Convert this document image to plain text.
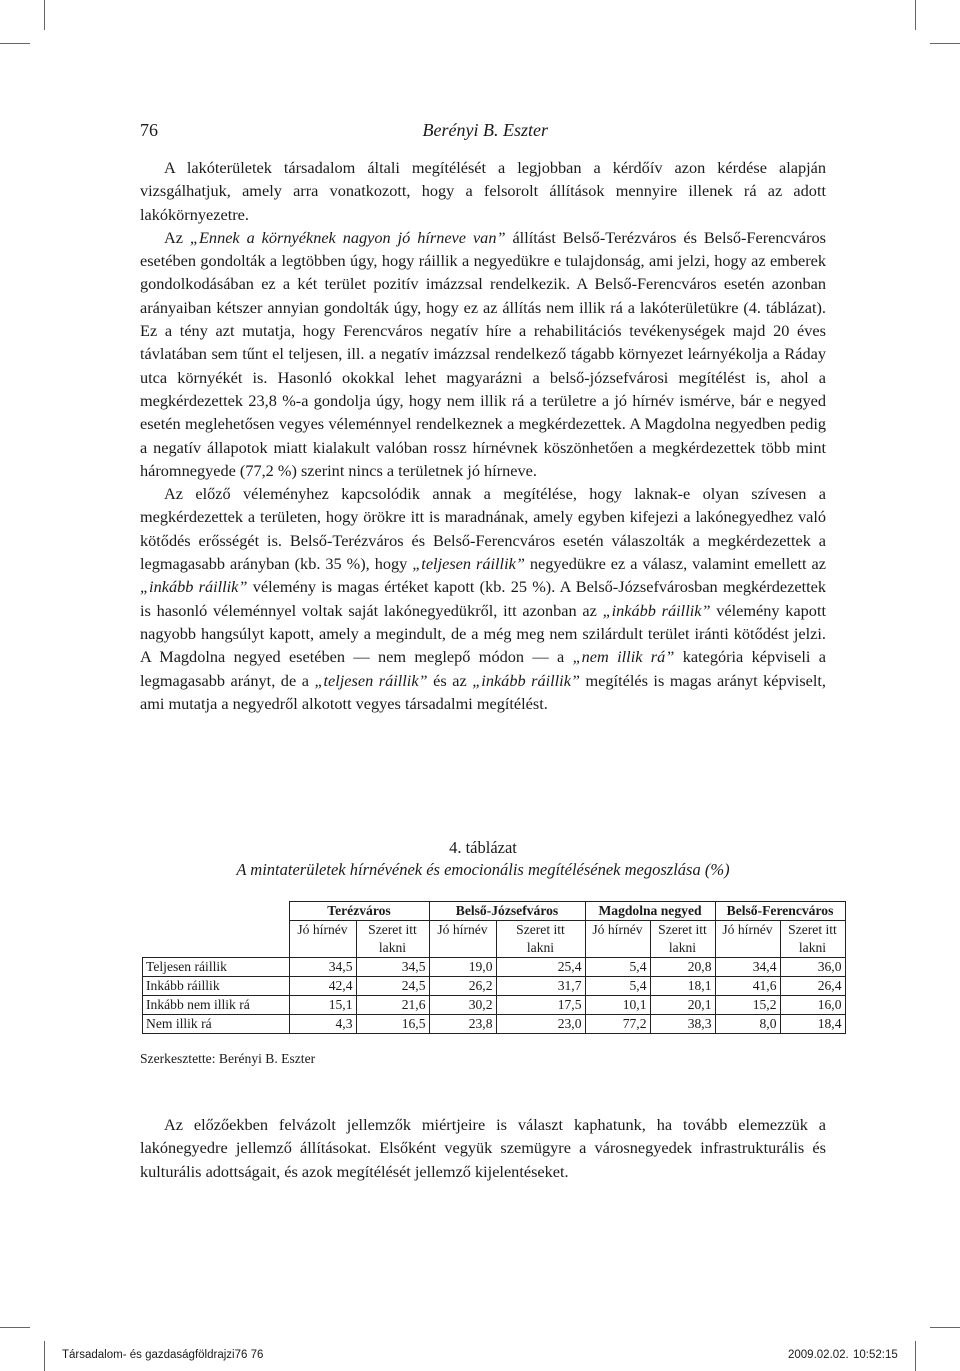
76	Berényi B. Eszter

A lakóterületek társadalom általi megítélését a legjobban a kérdőív azon kérdése alapján vizsgálhatjuk, amely arra vonatkozott, hogy a felsorolt állítások mennyire illenek rá az adott lakókörnyezetre.

Az „Ennek a környéknek nagyon jó hírneve van” állítást Belső-Terézváros és Belső-Ferencváros esetében gondolták a legtöbben úgy, hogy ráillik a negyedükre e tulajdonság, ami jelzi, hogy az emberek gondolkodásában ez a két terület pozitív imázzsal rendelkezik. A Belső-Ferencváros esetén azonban arányaiban kétszer annyian gondolták úgy, hogy ez az állítás nem illik rá a lakóterületükre (4. táblázat). Ez a tény azt mutatja, hogy Ferencváros negatív híre a rehabilitációs tevékenységek majd 20 éves távlatában sem tűnt el teljesen, ill. a negatív imázzsal rendelkező tágabb környezet leárnyékolja a Ráday utca környékét is. Hasonló okokkal lehet magyarázni a belső-józsefvárosi megítélést is, ahol a megkérdezettek 23,8 %-a gondolja úgy, hogy nem illik rá a területre a jó hírnév ismérve, bár e negyed esetén meglehetősen vegyes véleménnyel rendelkeznek a megkérdezettek. A Magdolna negyedben pedig a negatív állapotok miatt kialakult valóban rossz hírnévnek köszönhetően a megkérdezettek több mint háromnegyede (77,2 %) szerint nincs a területnek jó hírneve.

Az előző véleményhez kapcsolódik annak a megítélése, hogy laknak-e olyan szívesen a megkérdezettek a területen, hogy örökre itt is maradnának, amely egyben kifejezi a lakónegyedhez való kötődés erősségét is. Belső-Terézváros és Belső-Ferencváros esetén válaszolták a megkérdezettek a legmagasabb arányban (kb. 35 %), hogy „teljesen ráillik” negyedükre ez a válasz, valamint emellett az „inkább ráillik” vélemény is magas értéket kapott (kb. 25 %). A Belső-Józsefvárosban megkérdezettek is hasonló véleménnyel voltak saját lakónegyedükről, itt azonban az „inkább ráillik” vélemény kapott nagyobb hangsúlyt kapott, amely a megindult, de a még meg nem szilárdult terület iránti kötődést jelzi. A Magdolna negyed esetében — nem meglepő módon — a „nem illik rá” kategória képviseli a legmagasabb arányt, de a „teljesen ráillik” és az „inkább ráillik” megítélés is magas arányt képviselt, ami mutatja a negyedről alkotott vegyes társadalmi megítélést.

4. táblázat
A mintaterületek hírnévének és emocionális megítélésének megoszlása (%)
	Terézváros		Belső-Józsefváros		Magdolna negyed		Belső-Ferencváros	
	Jó hírnév	Szeret itt
lakni	Jó hírnév	Szeret itt
lakni	Jó hírnév	Szeret itt
lakni	Jó hírnév	Szeret itt
lakni
Teljesen ráillik	34,5	34,5	19,0	25,4	5,4	20,8	34,4	36,0
Inkább ráillik	42,4	24,5	26,2	31,7	5,4	18,1	41,6	26,4
Inkább nem illik rá	15,1	21,6	30,2	17,5	10,1	20,1	15,2	16,0
Nem illik rá	4,3	16,5	23,8	23,0	77,2	38,3	8,0	18,4
Szerkesztette: Berényi B. Eszter

Az előzőekben felvázolt jellemzők miértjeire is választ kaphatunk, ha tovább elemezzük a lakónegyedre jellemző állításokat. Elsőként vegyük szemügyre a városnegyedek infrastrukturális és kulturális adottságait, és azok megítélését jellemző kijelentéseket.

Társadalom- és gazdaságföldrajzi76 76	2009.02.02. 10:52:15
